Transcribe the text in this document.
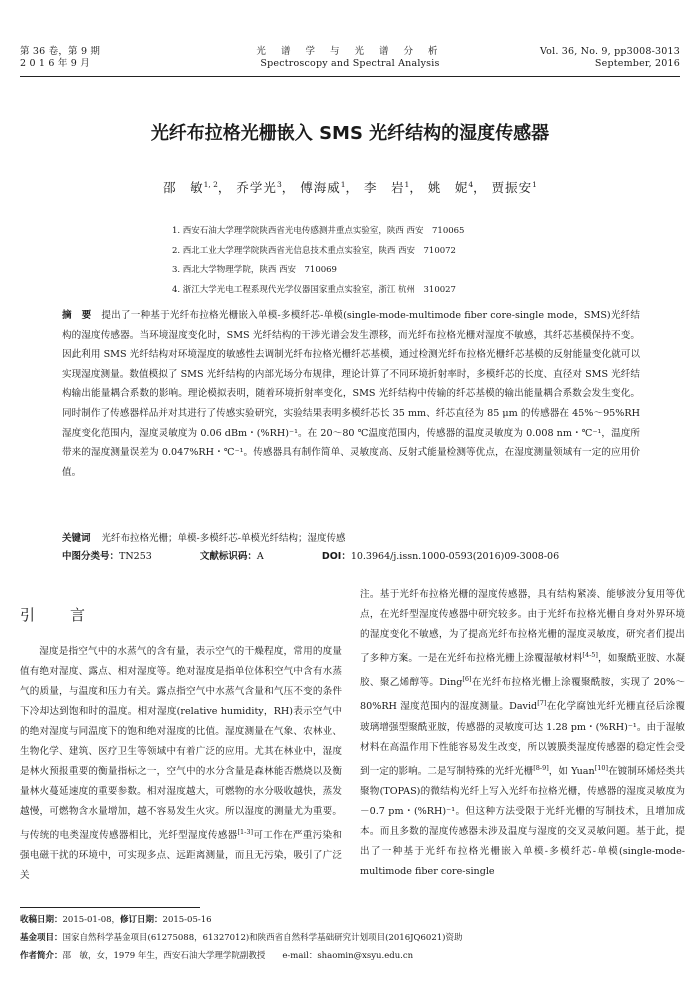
第 36 卷，第 9 期
2 0 1 6 年 9 月
光 谱 学 与 光 谱 分 析
Spectroscopy and Spectral Analysis
Vol. 36, No. 9, pp3008-3013
September, 2016
光纤布拉格光栅嵌入 SMS 光纤结构的湿度传感器
邵　敏$^{1, 2}$， 乔学光$^3$， 傅海威$^1$， 李　岩$^1$， 姚　妮$^4$， 贾振安$^1$
1. 西安石油大学理学院陕西省光电传感测井重点实验室，陕西 西安　710065
2. 西北工业大学理学院陕西省光信息技术重点实验室，陕西 西安　710072
3. 西北大学物理学院，陕西 西安　710069
4. 浙江大学光电工程系现代光学仪器国家重点实验室，浙江 杭州　310027
摘　要 提出了一种基于光纤布拉格光栅嵌入单模-多模纤芯-单模(single-mode-multimode fiber core-single mode，SMS)光纤结构的湿度传感器。当环境湿度变化时，SMS 光纤结构的干涉光谱会发生漂移，而光纤布拉格光栅对湿度不敏感，其纤芯基模保持不变。因此利用 SMS 光纤结构对环境湿度的敏感性去调制光纤布拉格光栅纤芯基模，通过检测光纤布拉格光栅纤芯基模的反射能量变化就可以实现湿度测量。数值模拟了 SMS 光纤结构的内部光场分布规律，理论计算了不同环境折射率时，多模纤芯的长度、直径对 SMS 光纤结构输出能量耦合系数的影响。理论模拟表明，随着环境折射率变化，SMS 光纤结构中传输的纤芯基模的输出能量耦合系数会发生变化。同时制作了传感器样品并对其进行了传感实验研究，实验结果表明多模纤芯长 35 mm、纤芯直径为 85 μm 的传感器在 45%～95%RH 湿度变化范围内，湿度灵敏度为 0.06 dBm・(%RH)⁻¹。在 20～80 ℃温度范围内，传感器的温度灵敏度为 0.008 nm・℃⁻¹，温度所带来的湿度测量误差为 0.047%RH・℃⁻¹。传感器具有制作简单、灵敏度高、反射式能量检测等优点，在湿度测量领域有一定的应用价值。
关键词 光纤布拉格光栅；单模-多模纤芯-单模光纤结构；湿度传感
中图分类号：TN253	文献标识码：A	DOI：10.3964/j.issn.1000-0593(2016)09-3008-06
引　言

湿度是指空气中的水蒸气的含有量，表示空气的干燥程度，常用的度量值有绝对湿度、露点、相对湿度等。绝对湿度是指单位体积空气中含有水蒸气的质量，与温度和压力有关。露点指空气中水蒸气含量和气压不变的条件下冷却达到饱和时的温度。相对湿度(relative humidity，RH)表示空气中的绝对湿度与同温度下的饱和绝对湿度的比值。湿度测量在气象、农林业、生物化学、建筑、医疗卫生等领域中有着广泛的应用。尤其在林业中，湿度是林火预报重要的衡量指标之一，空气中的水分含量是森林能否燃烧以及衡量林火蔓延速度的重要参数。相对湿度越大，可燃物的水分吸收越快，蒸发越慢，可燃物含水量增加，越不容易发生火灾。所以湿度的测量尤为重要。与传统的电类湿度传感器相比，光纤型湿度传感器[1-3]可工作在严重污染和强电磁干扰的环境中，可实现多点、远距离测量，而且无污染，吸引了广泛关

注。基于光纤布拉格光栅的湿度传感器，具有结构紧凑、能够波分复用等优点，在光纤型湿度传感器中研究较多。由于光纤布拉格光栅自身对外界环境的湿度变化不敏感，为了提高光纤布拉格光栅的湿度灵敏度，研究者们提出了多种方案。一是在光纤布拉格光栅上涂覆湿敏材料[4-5]，如聚酰亚胺、水凝胶、聚乙烯醇等。Ding[6]在光纤布拉格光栅上涂覆聚酰胺，实现了 20%～80%RH 湿度范围内的湿度测量。David[7]在化学腐蚀光纤光栅直径后涂覆玻璃增强型聚酰亚胺，传感器的灵敏度可达 1.28 pm・(%RH)⁻¹。由于湿敏材料在高温作用下性能容易发生改变，所以镀膜类湿度传感器的稳定性会受到一定的影响。二是写制特殊的光纤光栅[8-9]，如 Yuan[10]在镀制环烯烃类共聚物(TOPAS)的微结构光纤上写入光纤布拉格光栅，传感器的湿度灵敏度为－0.7 pm・(%RH)⁻¹。但这种方法受限于光纤光栅的写制技术，且增加成本。而且多数的湿度传感器未涉及温度与湿度的交叉灵敏问题。基于此，提出了一种基于光纤布拉格光栅嵌入单模-多模纤芯-单模(single-mode-multimode fiber core-single

收稿日期：2015-01-08，修订日期：2015-05-16
基金项目：国家自然科学基金项目(61275088，61327012)和陕西省自然科学基础研究计划项目(2016JQ6021)资助
作者简介：邵　敏，女，1979 年生，西安石油大学理学院副教授　　e-mail：shaomin@xsyu.edu.cn
